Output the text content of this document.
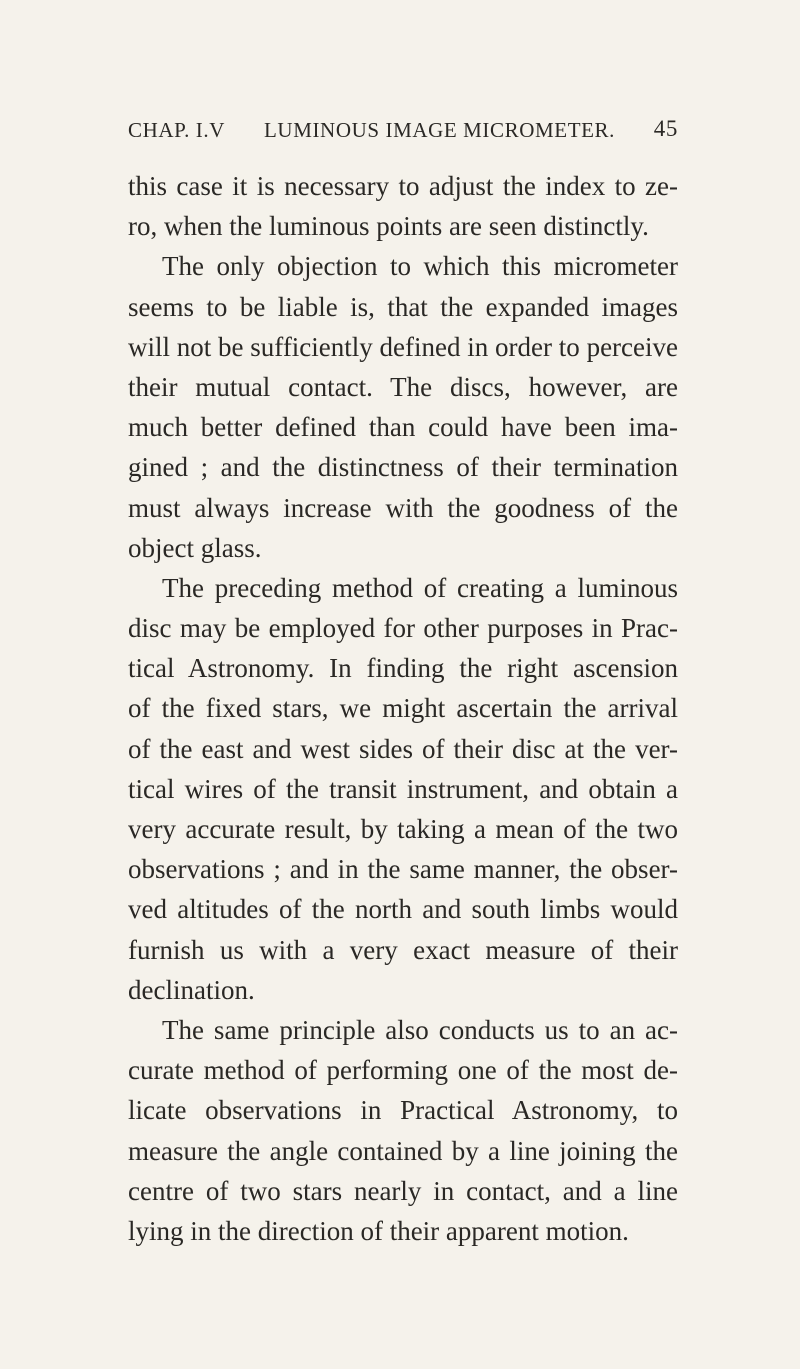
CHAP. I.V LUMINOUS IMAGE MICROMETER. 45
this case it is necessary to adjust the index to ze-
ro, when the luminous points are seen distinctly.
The only objection to which this micrometer
seems to be liable is, that the expanded images
will not be sufficiently defined in order to perceive
their mutual contact. The discs, however, are
much better defined than could have been ima-
gined ; and the distinctness of their termination
must always increase with the goodness of the
object glass.
The preceding method of creating a luminous
disc may be employed for other purposes in Prac-
tical Astronomy. In finding the right ascension
of the fixed stars, we might ascertain the arrival
of the east and west sides of their disc at the ver-
tical wires of the transit instrument, and obtain a
very accurate result, by taking a mean of the two
observations ; and in the same manner, the obser-
ved altitudes of the north and south limbs would
furnish us with a very exact measure of their
declination.
The same principle also conducts us to an ac-
curate method of performing one of the most de-
licate observations in Practical Astronomy, to
measure the angle contained by a line joining the
centre of two stars nearly in contact, and a line
lying in the direction of their apparent motion.
